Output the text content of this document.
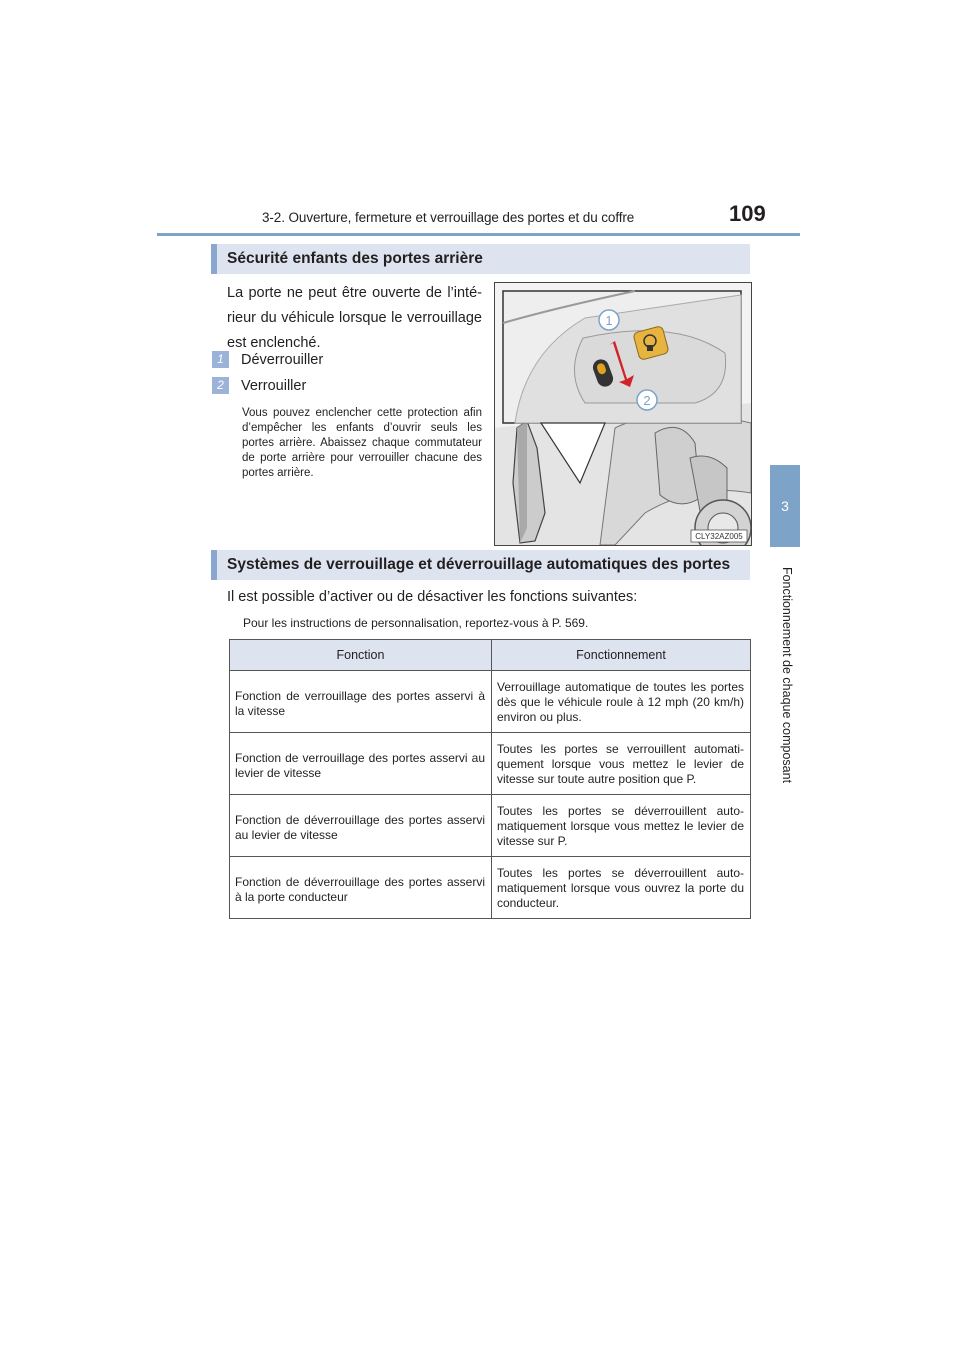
3-2. Ouverture, fermeture et verrouillage des portes et du coffre	109
3
Fonctionnement de chaque composant
Sécurité enfants des portes arrière
La porte ne peut être ouverte de l’intérieur du véhicule lorsque le verrouillage est enclenché.
1 Déverrouiller
2 Verrouiller
Vous pouvez enclencher cette protection afin d’empêcher les enfants d’ouvrir seuls les portes arrière. Abaissez chaque commutateur de porte arrière pour verrouiller chacune des portes arrière.
1
2
CLY32AZ005
Systèmes de verrouillage et déverrouillage automatiques des portes
Il est possible d’activer ou de désactiver les fonctions suivantes:
Pour les instructions de personnalisation, reportez-vous à P. 569.
Fonction	Fonctionnement

Fonction de verrouillage des portes asservi à la vitesse	Verrouillage automatique de toutes les portes dès que le véhicule roule à 12 mph (20 km/h) environ ou plus.

Fonction de verrouillage des portes asservi au levier de vitesse	Toutes les portes se verrouillent automatiquement lorsque vous mettez le levier de vitesse sur toute autre position que P.

Fonction de déverrouillage des portes asservi au levier de vitesse	Toutes les portes se déverrouillent automatiquement lorsque vous mettez le levier de vitesse sur P.

Fonction de déverrouillage des portes asservi à la porte conducteur	Toutes les portes se déverrouillent automatiquement lorsque vous ouvrez la porte du conducteur.
